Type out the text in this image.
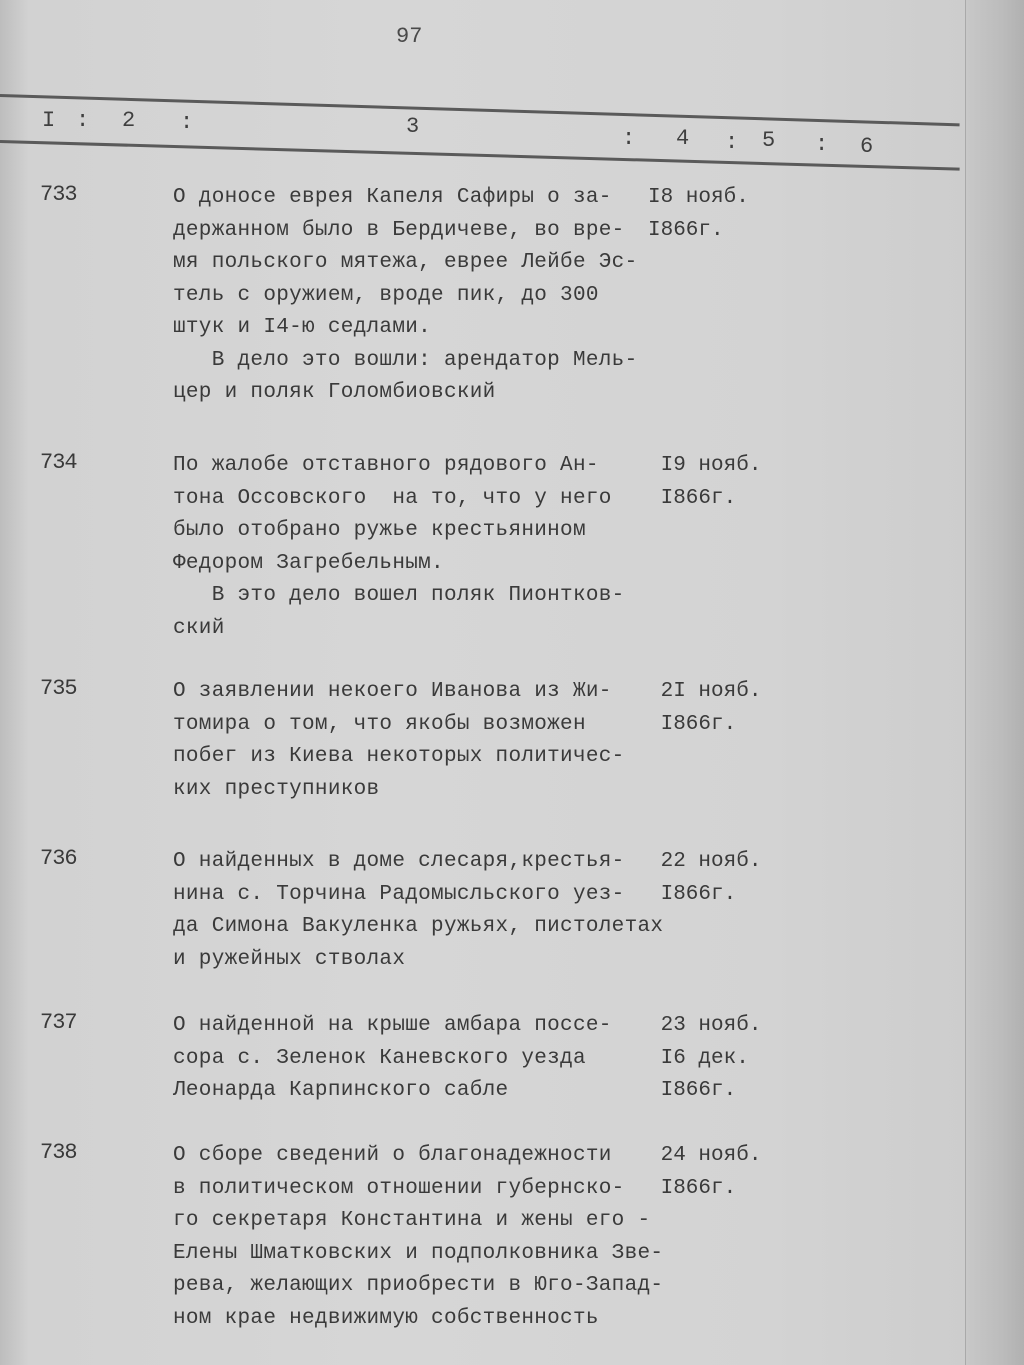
97
I : 2 :	3	: 4 : 5 : 6
733	О доносе еврея Капеля Сафиры о за-
держанном было в Бердичеве, во вре-
мя польского мятежа, еврее Лейбе Эс-
тель с оружием, вроде пик, до 300
штук и I4-ю седлами.
В дело это вошли: арендатор Мель-
цер и поляк Голомбиовский
I8 нояб.
I866г.
734	По жалобе отставного рядового Ан-
тона Оссовского  на то, что у него
было отобрано ружье крестьянином
Федором Загребельным.
В это дело вошел поляк Пионтков-
ский
I9 нояб.
I866г.
735	О заявлении некоего Иванова из Жи-
томира о том, что якобы возможен
побег из Киева некоторых политичес-
ких преступников
2I нояб.
I866г.
736	О найденных в доме слесаря,крестья-
нина с. Торчина Радомысльского уез-
да Симона Вакуленка ружьях, пистолетах
и ружейных стволах
22 нояб.
I866г.
737	О найденной на крыше амбара поссе-
сора с. Зеленок Каневского уезда
Леонарда Карпинского сабле
23 нояб.
I6 дек.
I866г.
738	О сборе сведений о благонадежности
в политическом отношении губернско-
го секретаря Константина и жены его -
Елены Шматковских и подполковника Зве-
рева, желающих приобрести в Юго-Запад-
ном крае недвижимую собственность
24 нояб.
I866г.
